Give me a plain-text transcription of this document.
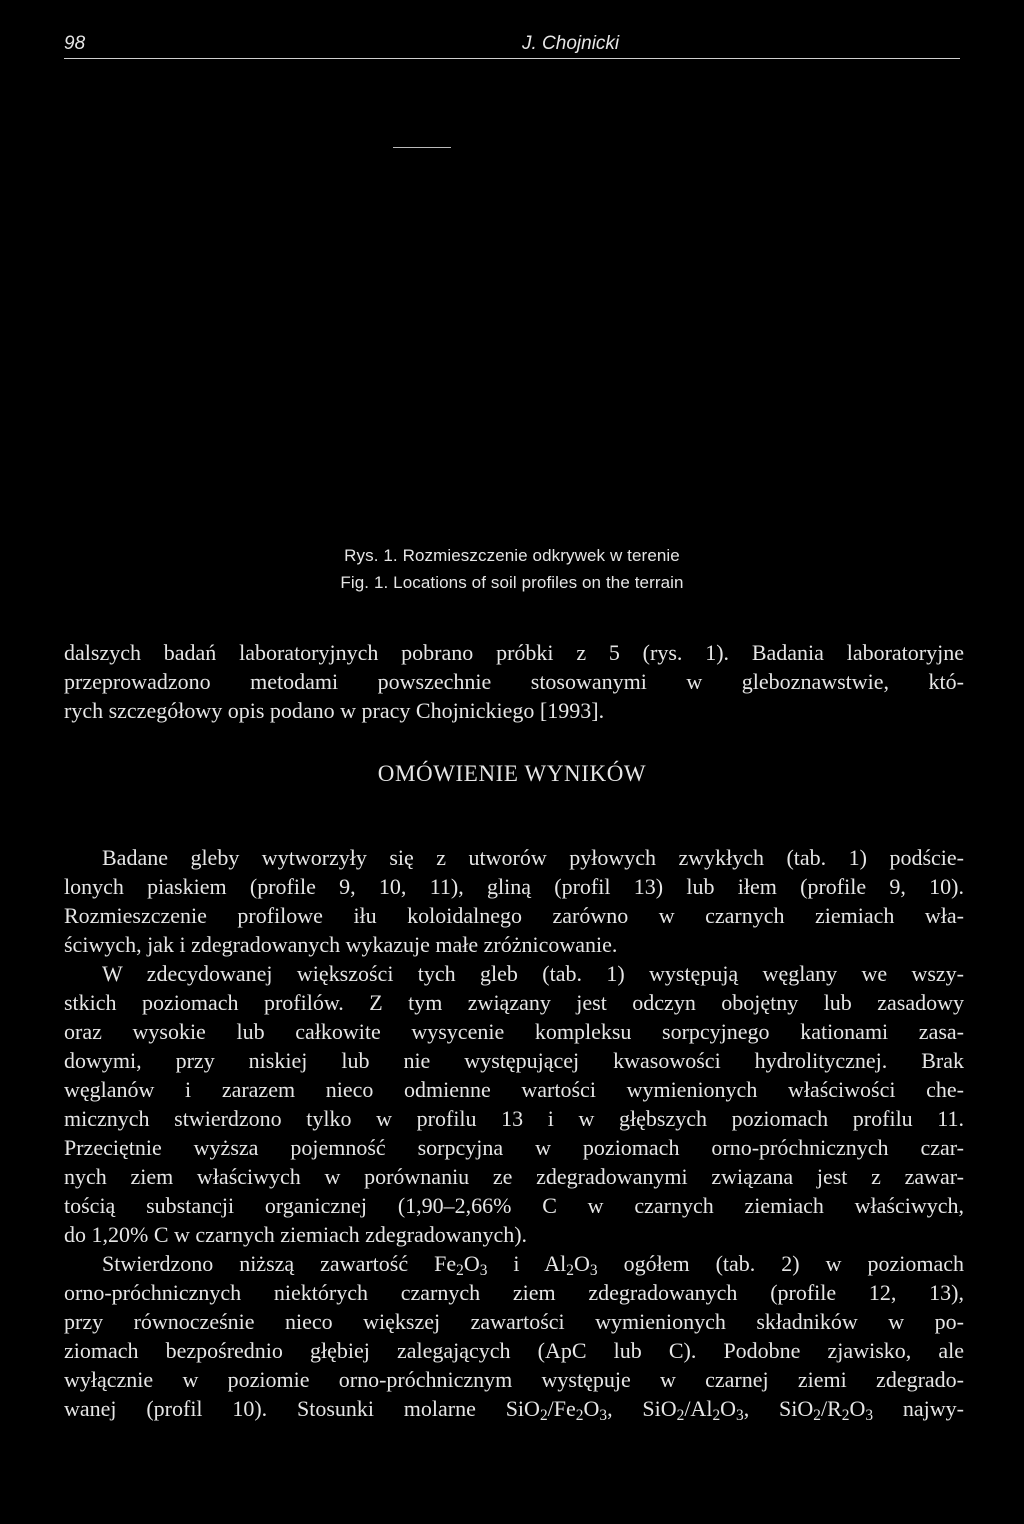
98	J. Chojnicki
Rys. 1. Rozmieszczenie odkrywek w terenie
Fig. 1. Locations of soil profiles on the terrain
dalszych badań laboratoryjnych pobrano próbki z 5 (rys. 1). Badania laboratoryjne
przeprowadzono metodami powszechnie stosowanymi w gleboznawstwie, któ-
rych szczegółowy opis podano w pracy Chojnickiego [1993].
OMÓWIENIE WYNIKÓW
Badane gleby wytworzyły się z utworów pyłowych zwykłych (tab. 1) podście-
lonych piaskiem (profile 9, 10, 11), gliną (profil 13) lub iłem (profile 9, 10).
Rozmieszczenie profilowe iłu koloidalnego zarówno w czarnych ziemiach wła-
ściwych, jak i zdegradowanych wykazuje małe zróżnicowanie.
W zdecydowanej większości tych gleb (tab. 1) występują węglany we wszy-
stkich poziomach profilów. Z tym związany jest odczyn obojętny lub zasadowy
oraz wysokie lub całkowite wysycenie kompleksu sorpcyjnego kationami zasa-
dowymi, przy niskiej lub nie występującej kwasowości hydrolitycznej. Brak
węglanów i zarazem nieco odmienne wartości wymienionych właściwości che-
micznych stwierdzono tylko w profilu 13 i w głębszych poziomach profilu 11.
Przeciętnie wyższa pojemność sorpcyjna w poziomach orno-próchnicznych czar-
nych ziem właściwych w porównaniu ze zdegradowanymi związana jest z zawar-
tością substancji organicznej (1,90–2,66% C w czarnych ziemiach właściwych,
do 1,20% C w czarnych ziemiach zdegradowanych).
Stwierdzono niższą zawartość $Fe_2O_3$ i $Al_2O_3$ ogółem (tab. 2) w poziomach
orno-próchnicznych niektórych czarnych ziem zdegradowanych (profile 12, 13),
przy równocześnie nieco większej zawartości wymienionych składników w po-
ziomach bezpośrednio głębiej zalegających (ApC lub C). Podobne zjawisko, ale
wyłącznie w poziomie orno-próchnicznym występuje w czarnej ziemi zdegrado-
wanej (profil 10). Stosunki molarne $SiO_2/Fe_2O_3$, $SiO_2/Al_2O_3$, $SiO_2/R_2O_3$ najwy-
